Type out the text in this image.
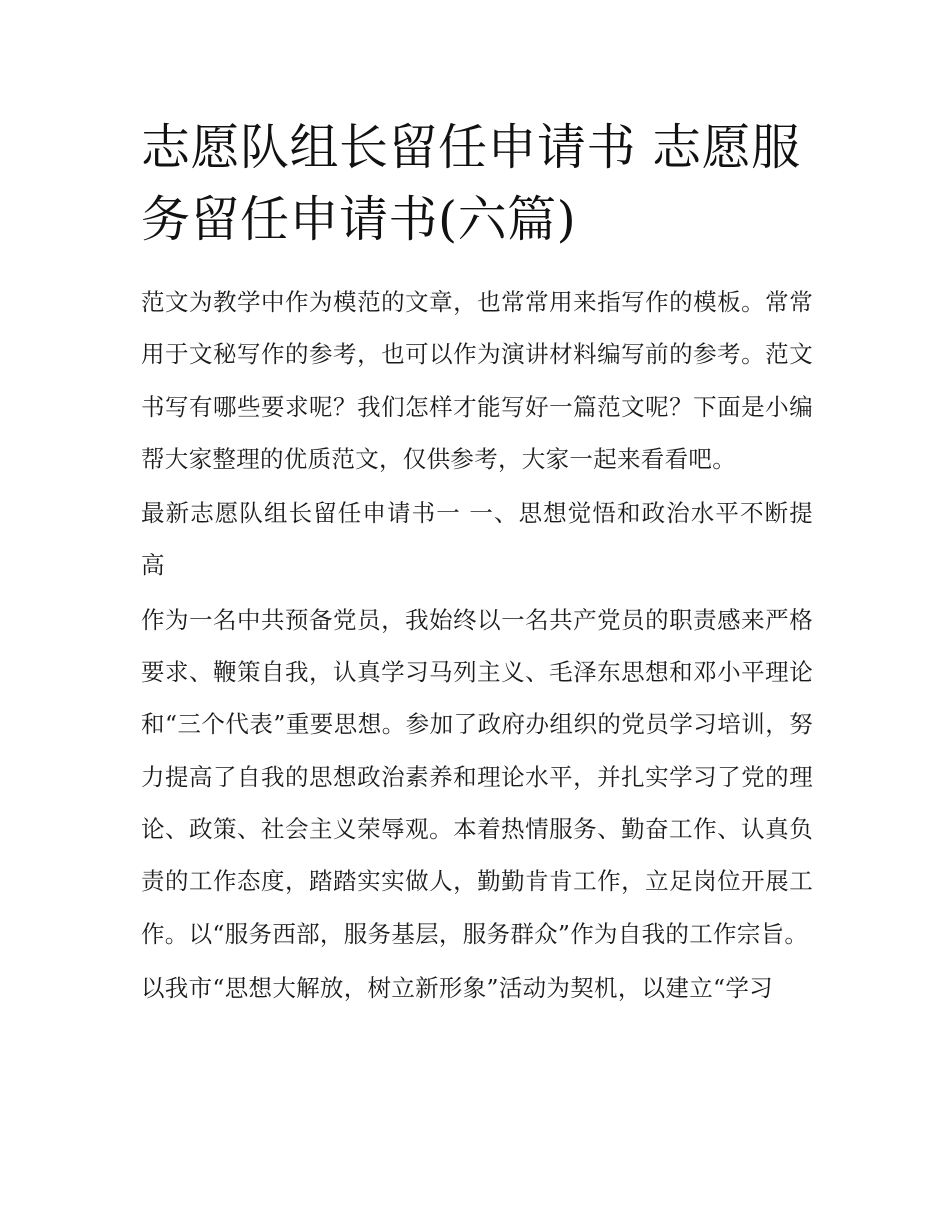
志愿队组长留任申请书 志愿服务留任申请书(六篇)

范文为教学中作为模范的文章，也常常用来指写作的模板。常常用于文秘写作的参考，也可以作为演讲材料编写前的参考。范文书写有哪些要求呢？我们怎样才能写好一篇范文呢？下面是小编帮大家整理的优质范文，仅供参考，大家一起来看看吧。

最新志愿队组长留任申请书一 一、思想觉悟和政治水平不断提高

作为一名中共预备党员，我始终以一名共产党员的职责感来严格要求、鞭策自我，认真学习马列主义、毛泽东思想和邓小平理论和“三个代表”重要思想。参加了政府办组织的党员学习培训，努力提高了自我的思想政治素养和理论水平，并扎实学习了党的理论、政策、社会主义荣辱观。本着热情服务、勤奋工作、认真负责的工作态度，踏踏实实做人，勤勤肯肯工作，立足岗位开展工作。以“服务西部，服务基层，服务群众”作为自我的工作宗旨。

以我市“思想大解放，树立新形象”活动为契机，以建立“学习
